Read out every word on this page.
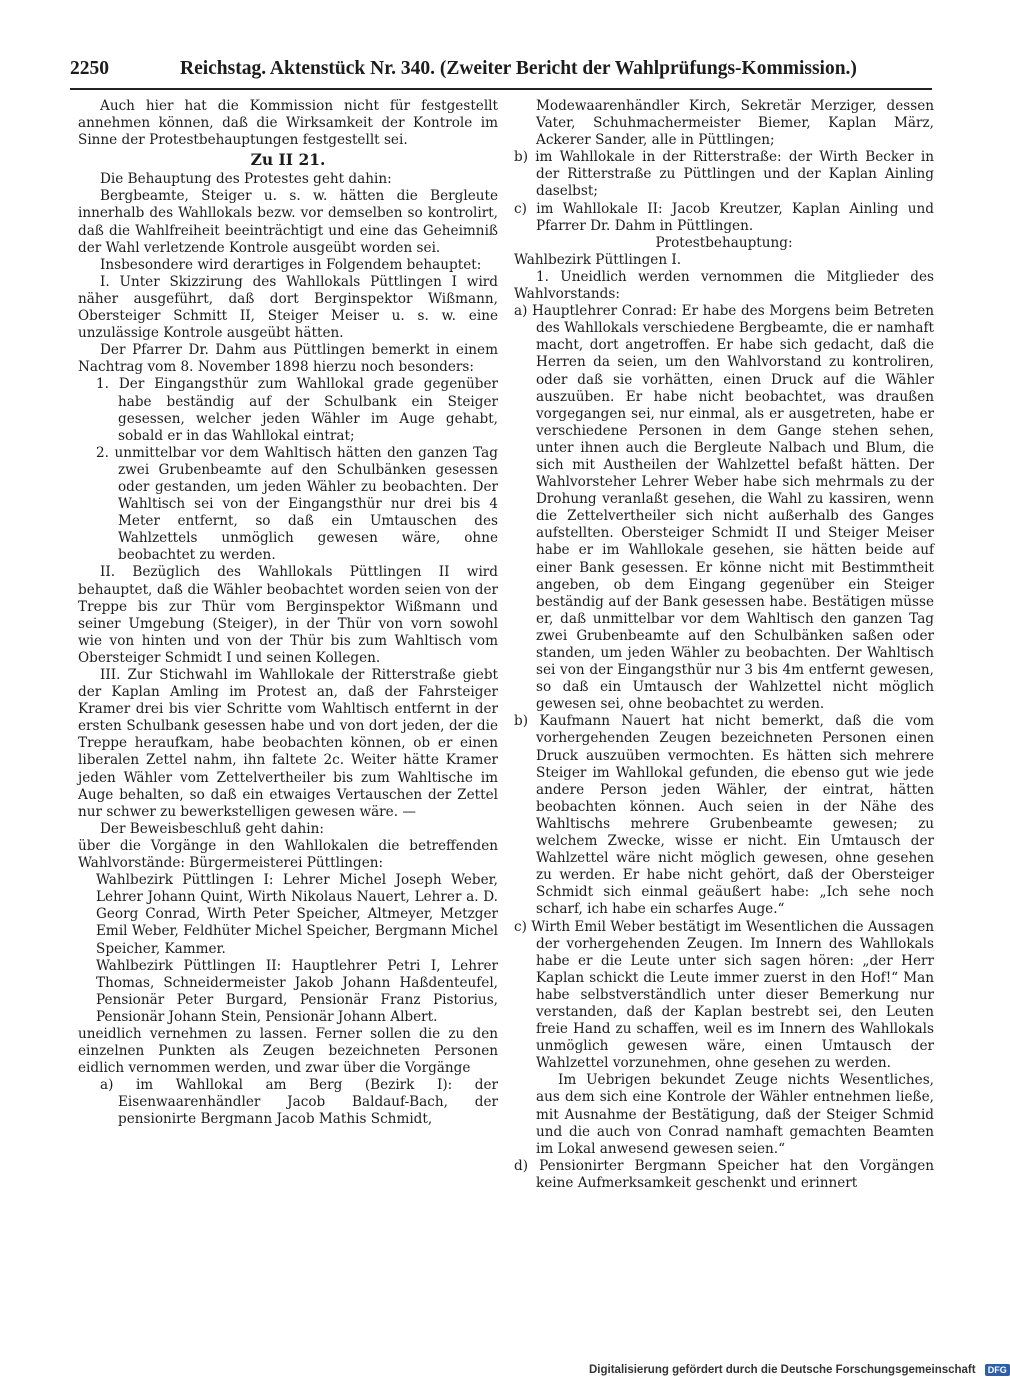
2250	Reichstag. Aktenstück Nr. 340. (Zweiter Bericht der Wahlprüfungs-Kommission.)

Auch hier hat die Kommission nicht für festgestellt annehmen können, daß die Wirksamkeit der Kontrole im Sinne der Protestbehauptungen festgestellt sei.

Zu II 21.

Die Behauptung des Protestes geht dahin:

Bergbeamte, Steiger u. s. w. hätten die Bergleute innerhalb des Wahllokals bezw. vor demselben so kontrolirt, daß die Wahlfreiheit beeinträchtigt und eine das Geheimniß der Wahl verletzende Kontrole ausgeübt worden sei.

Insbesondere wird derartiges in Folgendem behauptet:

I. Unter Skizzirung des Wahllokals Püttlingen I wird näher ausgeführt, daß dort Berginspektor Wißmann, Obersteiger Schmitt II, Steiger Meiser u. s. w. eine unzulässige Kontrole ausgeübt hätten.

Der Pfarrer Dr. Dahm aus Püttlingen bemerkt in einem Nachtrag vom 8. November 1898 hierzu noch besonders:

1. Der Eingangsthür zum Wahllokal grade gegenüber habe beständig auf der Schulbank ein Steiger gesessen, welcher jeden Wähler im Auge gehabt, sobald er in das Wahllokal eintrat;

2. unmittelbar vor dem Wahltisch hätten den ganzen Tag zwei Grubenbeamte auf den Schulbänken gesessen oder gestanden, um jeden Wähler zu beobachten. Der Wahltisch sei von der Eingangsthür nur drei bis 4 Meter entfernt, so daß ein Umtauschen des Wahlzettels unmöglich gewesen wäre, ohne beobachtet zu werden.

II. Bezüglich des Wahllokals Püttlingen II wird behauptet, daß die Wähler beobachtet worden seien von der Treppe bis zur Thür vom Berginspektor Wißmann und seiner Umgebung (Steiger), in der Thür von vorn sowohl wie von hinten und von der Thür bis zum Wahltisch vom Obersteiger Schmidt I und seinen Kollegen.

III. Zur Stichwahl im Wahllokale der Ritterstraße giebt der Kaplan Amling im Protest an, daß der Fahrsteiger Kramer drei bis vier Schritte vom Wahltisch entfernt in der ersten Schulbank gesessen habe und von dort jeden, der die Treppe heraufkam, habe beobachten können, ob er einen liberalen Zettel nahm, ihn faltete 2c. Weiter hätte Kramer jeden Wähler vom Zettelvertheiler bis zum Wahltische im Auge behalten, so daß ein etwaiges Vertauschen der Zettel nur schwer zu bewerkstelligen gewesen wäre. —

Der Beweisbeschluß geht dahin:

über die Vorgänge in den Wahllokalen die betreffenden Wahlvorstände: Bürgermeisterei Püttlingen:

Wahlbezirk Püttlingen I: Lehrer Michel Joseph Weber, Lehrer Johann Quint, Wirth Nikolaus Nauert, Lehrer a. D. Georg Conrad, Wirth Peter Speicher, Altmeyer, Metzger Emil Weber, Feldhüter Michel Speicher, Bergmann Michel Speicher, Kammer.

Wahlbezirk Püttlingen II: Hauptlehrer Petri I, Lehrer Thomas, Schneidermeister Jakob Johann Haßdenteufel, Pensionär Peter Burgard, Pensionär Franz Pistorius, Pensionär Johann Stein, Pensionär Johann Albert.

uneidlich vernehmen zu lassen. Ferner sollen die zu den einzelnen Punkten als Zeugen bezeichneten Personen eidlich vernommen werden, und zwar über die Vorgänge

a) im Wahllokal am Berg (Bezirk I): der Eisenwaarenhändler Jacob Baldauf-Bach, der pensionirte Bergmann Jacob Mathis Schmidt,

Modewaarenhändler Kirch, Sekretär Merziger, dessen Vater, Schuhmachermeister Biemer, Kaplan März, Ackerer Sander, alle in Püttlingen;

b) im Wahllokale in der Ritterstraße: der Wirth Becker in der Ritterstraße zu Püttlingen und der Kaplan Ainling daselbst;

c) im Wahllokale II: Jacob Kreutzer, Kaplan Ainling und Pfarrer Dr. Dahm in Püttlingen.

Protestbehauptung:

Wahlbezirk Püttlingen I.

1. Uneidlich werden vernommen die Mitglieder des Wahlvorstands:

a) Hauptlehrer Conrad: Er habe des Morgens beim Betreten des Wahllokals verschiedene Bergbeamte, die er namhaft macht, dort angetroffen. Er habe sich gedacht, daß die Herren da seien, um den Wahlvorstand zu kontroliren, oder daß sie vorhätten, einen Druck auf die Wähler auszuüben. Er habe nicht beobachtet, was draußen vorgegangen sei, nur einmal, als er ausgetreten, habe er verschiedene Personen in dem Gange stehen sehen, unter ihnen auch die Bergleute Nalbach und Blum, die sich mit Austheilen der Wahlzettel befaßt hätten. Der Wahlvorsteher Lehrer Weber habe sich mehrmals zu der Drohung veranlaßt gesehen, die Wahl zu kassiren, wenn die Zettelvertheiler sich nicht außerhalb des Ganges aufstellten. Obersteiger Schmidt II und Steiger Meiser habe er im Wahllokale gesehen, sie hätten beide auf einer Bank gesessen. Er könne nicht mit Bestimmtheit angeben, ob dem Eingang gegenüber ein Steiger beständig auf der Bank gesessen habe. Bestätigen müsse er, daß unmittelbar vor dem Wahltisch den ganzen Tag zwei Grubenbeamte auf den Schulbänken saßen oder standen, um jeden Wähler zu beobachten. Der Wahltisch sei von der Eingangsthür nur 3 bis 4m entfernt gewesen, so daß ein Umtausch der Wahlzettel nicht möglich gewesen sei, ohne beobachtet zu werden.

b) Kaufmann Nauert hat nicht bemerkt, daß die vom vorhergehenden Zeugen bezeichneten Personen einen Druck auszuüben vermochten. Es hätten sich mehrere Steiger im Wahllokal gefunden, die ebenso gut wie jede andere Person jeden Wähler, der eintrat, hätten beobachten können. Auch seien in der Nähe des Wahltischs mehrere Grubenbeamte gewesen; zu welchem Zwecke, wisse er nicht. Ein Umtausch der Wahlzettel wäre nicht möglich gewesen, ohne gesehen zu werden. Er habe nicht gehört, daß der Obersteiger Schmidt sich einmal geäußert habe: „Ich sehe noch scharf, ich habe ein scharfes Auge.“

c) Wirth Emil Weber bestätigt im Wesentlichen die Aussagen der vorhergehenden Zeugen. Im Innern des Wahllokals habe er die Leute unter sich sagen hören: „der Herr Kaplan schickt die Leute immer zuerst in den Hof!“ Man habe selbstverständlich unter dieser Bemerkung nur verstanden, daß der Kaplan bestrebt sei, den Leuten freie Hand zu schaffen, weil es im Innern des Wahllokals unmöglich gewesen wäre, einen Umtausch der Wahlzettel vorzunehmen, ohne gesehen zu werden.

Im Uebrigen bekundet Zeuge nichts Wesentliches, aus dem sich eine Kontrole der Wähler entnehmen ließe, mit Ausnahme der Bestätigung, daß der Steiger Schmid und die auch von Conrad namhaft gemachten Beamten im Lokal anwesend gewesen seien.“

d) Pensionirter Bergmann Speicher hat den Vorgängen keine Aufmerksamkeit geschenkt und erinnert

Digitalisierung gefördert durch die Deutsche Forschungsgemeinschaft DFG
